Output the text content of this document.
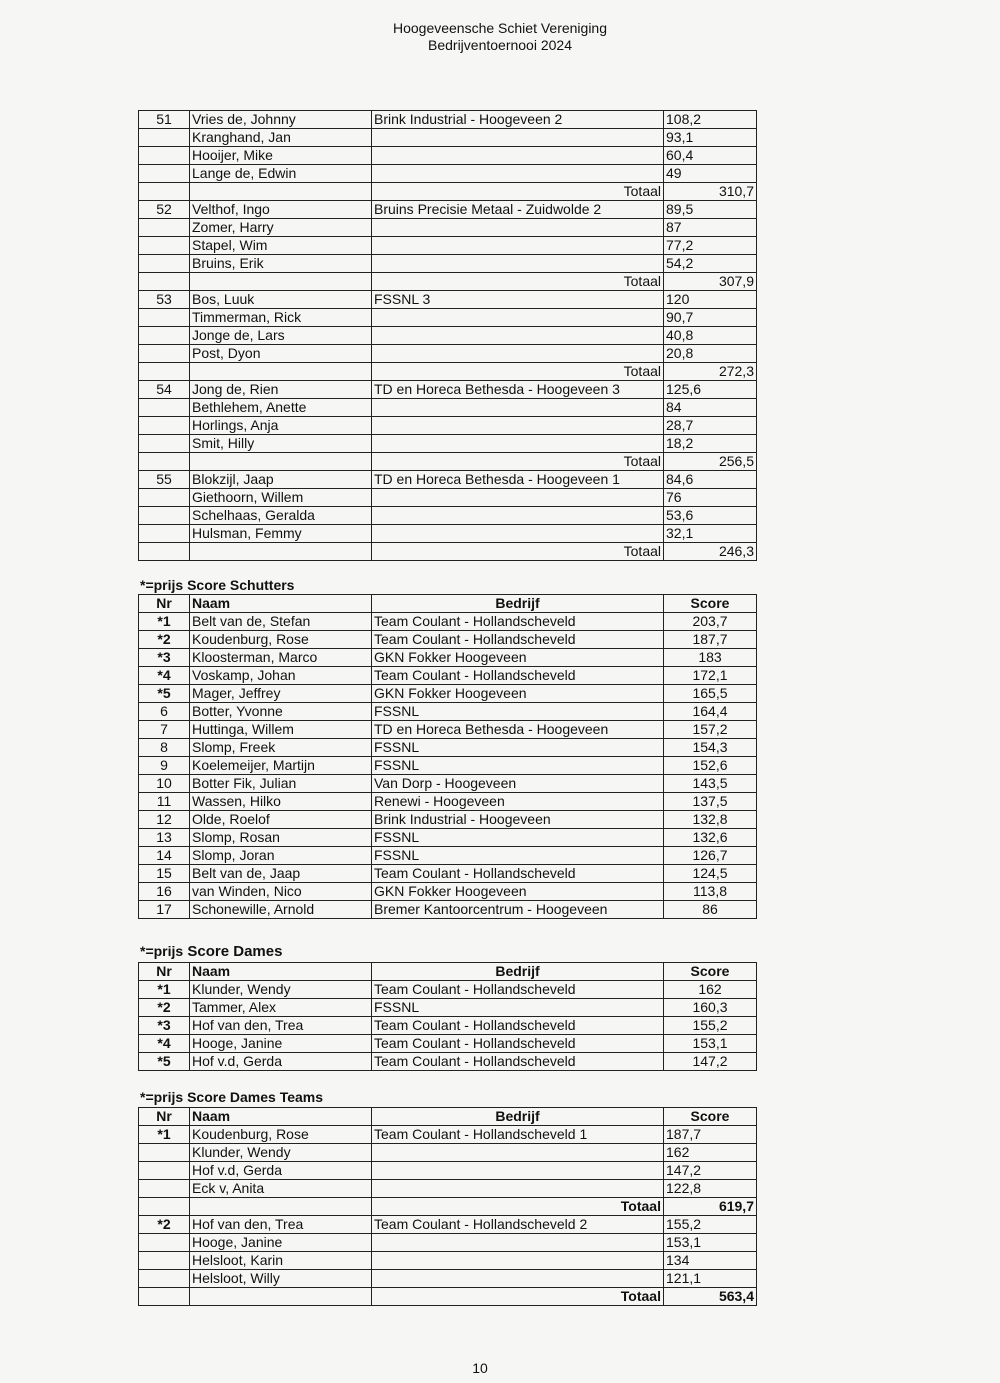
Hoogeveensche Schiet Vereniging
Bedrijventoernooi 2024
51	Vries de, Johnny	Brink Industrial - Hoogeveen 2	108,2
	Kranghand, Jan		93,1
	Hooijer, Mike		60,4
	Lange de, Edwin		49
		Totaal	310,7
52	Velthof, Ingo	Bruins Precisie Metaal - Zuidwolde 2	89,5
	Zomer, Harry		87
	Stapel, Wim		77,2
	Bruins, Erik		54,2
		Totaal	307,9
53	Bos, Luuk	FSSNL 3	120
	Timmerman, Rick		90,7
	Jonge de, Lars		40,8
	Post, Dyon		20,8
		Totaal	272,3
54	Jong de, Rien	TD en Horeca Bethesda - Hoogeveen 3	125,6
	Bethlehem, Anette		84
	Horlings, Anja		28,7
	Smit, Hilly		18,2
		Totaal	256,5
55	Blokzijl, Jaap	TD en Horeca Bethesda - Hoogeveen 1	84,6
	Giethoorn, Willem		76
	Schelhaas, Geralda		53,6
	Hulsman, Femmy		32,1
		Totaal	246,3
*=prijs Score Schutters
Nr	Naam	Bedrijf	Score
*1	Belt van de, Stefan	Team Coulant - Hollandscheveld	203,7
*2	Koudenburg, Rose	Team Coulant - Hollandscheveld	187,7
*3	Kloosterman, Marco	GKN Fokker Hoogeveen	183
*4	Voskamp, Johan	Team Coulant - Hollandscheveld	172,1
*5	Mager, Jeffrey	GKN Fokker Hoogeveen	165,5
6	Botter, Yvonne	FSSNL	164,4
7	Huttinga, Willem	TD en Horeca Bethesda - Hoogeveen	157,2
8	Slomp, Freek	FSSNL	154,3
9	Koelemeijer, Martijn	FSSNL	152,6
10	Botter Fik, Julian	Van Dorp - Hoogeveen	143,5
11	Wassen, Hilko	Renewi - Hoogeveen	137,5
12	Olde, Roelof	Brink Industrial - Hoogeveen	132,8
13	Slomp, Rosan	FSSNL	132,6
14	Slomp, Joran	FSSNL	126,7
15	Belt van de, Jaap	Team Coulant - Hollandscheveld	124,5
16	van Winden, Nico	GKN Fokker Hoogeveen	113,8
17	Schonewille, Arnold	Bremer Kantoorcentrum - Hoogeveen	86
*=prijs Score Dames
Nr	Naam	Bedrijf	Score
*1	Klunder, Wendy	Team Coulant - Hollandscheveld	162
*2	Tammer, Alex	FSSNL	160,3
*3	Hof van den, Trea	Team Coulant - Hollandscheveld	155,2
*4	Hooge, Janine	Team Coulant - Hollandscheveld	153,1
*5	Hof v.d, Gerda	Team Coulant - Hollandscheveld	147,2
*=prijs Score Dames Teams
Nr	Naam	Bedrijf	Score
*1	Koudenburg, Rose	Team Coulant - Hollandscheveld 1	187,7
	Klunder, Wendy		162
	Hof v.d, Gerda		147,2
	Eck v, Anita		122,8
		Totaal	619,7
*2	Hof van den, Trea	Team Coulant - Hollandscheveld 2	155,2
	Hooge, Janine		153,1
	Helsloot, Karin		134
	Helsloot, Willy		121,1
		Totaal	563,4
10
